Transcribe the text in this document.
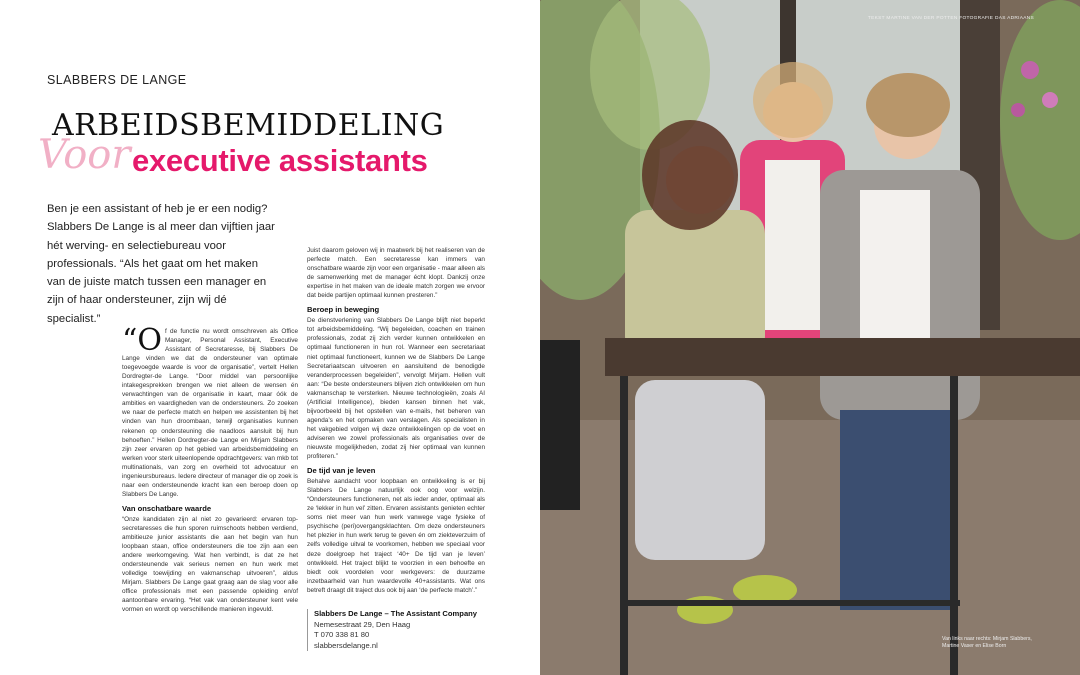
SLABBERS DE LANGE
ARBEIDSBEMIDDELING
Voor executive assistants
Ben je een assistant of heb je er een nodig? Slabbers De Lange is al meer dan vijftien jaar hét werving- en selectiebureau voor professionals. “Als het gaat om het maken van de juiste match tussen een manager en zijn of haar ondersteuner, zijn wij dé specialist.”
“O f de functie nu wordt omschreven als Office Manager, Personal Assistant, Executive Assistant of Secretaresse, bij Slabbers De Lange vinden we dat de ondersteuner van optimale toegevoegde waarde is voor de organisatie”, vertelt Hellen Dordregter-de Lange. “Door middel van persoonlijke intakegesprekken brengen we niet alleen de wensen én verwachtingen van de organisatie in kaart, maar óók de ambities en vaardigheden van de ondersteuners. Zo zoeken we naar de perfecte match en helpen we assistenten bij het vinden van hun droombaan, terwijl organisaties kunnen rekenen op ondersteuning die naadloos aansluit bij hun behoeften.” Hellen Dordregter-de Lange en Mirjam Slabbers zijn zeer ervaren op het gebied van arbeidsbemiddeling en werken voor sterk uiteenlopende opdrachtgevers: van mkb tot multinationals, van zorg en overheid tot advocatuur en ingenieursbureaus. Iedere directeur of manager die op zoek is naar een ondersteunende kracht kan een beroep doen op Slabbers De Lange.

Van onschatbare waarde

“Onze kandidaten zijn al niet zo gevarieerd: ervaren top-secretaresses die hun sporen ruimschoots hebben verdiend, ambitieuze junior assistants die aan het begin van hun loopbaan staan, office ondersteuners die toe zijn aan een andere werkomgeving. Wat hen verbindt, is dat ze het ondersteunende vak serieus nemen en hun werk met volledige toewijding en vakmanschap uitvoeren”, aldus Mirjam. Slabbers De Lange gaat graag aan de slag voor alle office professionals met een passende opleiding en/of aantoonbare ervaring. “Het vak van ondersteuner kent vele vormen en wordt op verschillende manieren ingevuld.

Juist daarom geloven wij in maatwerk bij het realiseren van de perfecte match. Een secretaresse kan immers van onschatbare waarde zijn voor een organisatie - maar alleen als de samenwerking met de manager écht klopt. Dankzij onze expertise in het maken van de ideale match zorgen we ervoor dat beide partijen optimaal kunnen presteren.”

Beroep in beweging

De dienstverlening van Slabbers De Lange blijft niet beperkt tot arbeidsbemiddeling. “Wij begeleiden, coachen en trainen professionals, zodat zij zich verder kunnen ontwikkelen en optimaal functioneren in hun rol. Wanneer een secretariaat niet optimaal functioneert, kunnen we de Slabbers De Lange Secretariaatscan uitvoeren en aansluitend de benodigde veranderprocessen begeleiden”, vervolgt Mirjam. Hellen vult aan: “De beste ondersteuners blijven zich ontwikkelen om hun vakmanschap te versterken. Nieuwe technologieën, zoals AI (Artificial Intelligence), bieden kansen binnen het vak, bijvoorbeeld bij het opstellen van e-mails, het beheren van agenda’s en het opmaken van verslagen. Als specialisten in het vakgebied volgen wij deze ontwikkelingen op de voet en adviseren we zowel professionals als organisaties over de nieuwste mogelijkheden, zodat zij hier optimaal van kunnen profiteren.”

De tijd van je leven

Behalve aandacht voor loopbaan en ontwikkeling is er bij Slabbers De Lange natuurlijk ook oog voor welzijn. “Ondersteuners functioneren, net als ieder ander, optimaal als ze ‘lekker in hun vel’ zitten. Ervaren assistants genieten echter soms niet meer van hun werk vanwege vage fysieke of psychische (peri)overgangsklachten. Om deze ondersteuners het plezier in hun werk terug te geven én om ziekteverzuim of zelfs volledige uitval te voorkomen, hebben we speciaal voor deze doelgroep het traject ‘40+ De tijd van je leven’ ontwikkeld. Het traject blijkt te voorzien in een behoefte en biedt ook voordelen voor werkgevers: de duurzame inzetbaarheid van hun waardevolle 40+assistants. Wat ons betreft draagt dit traject dus ook bij aan ‘de perfecte match’.”

Slabbers De Lange – The Assistant Company
Nemesestraat 29, Den Haag
T 070 338 81 80
slabbersdelange.nl
TEKST MARTINE VAN DER POTTEN FOTOGRAFIE DAS ADRIAANS
Van links naar rechts: Mirjam Slabbers, Martine Vaser en Elise Born
